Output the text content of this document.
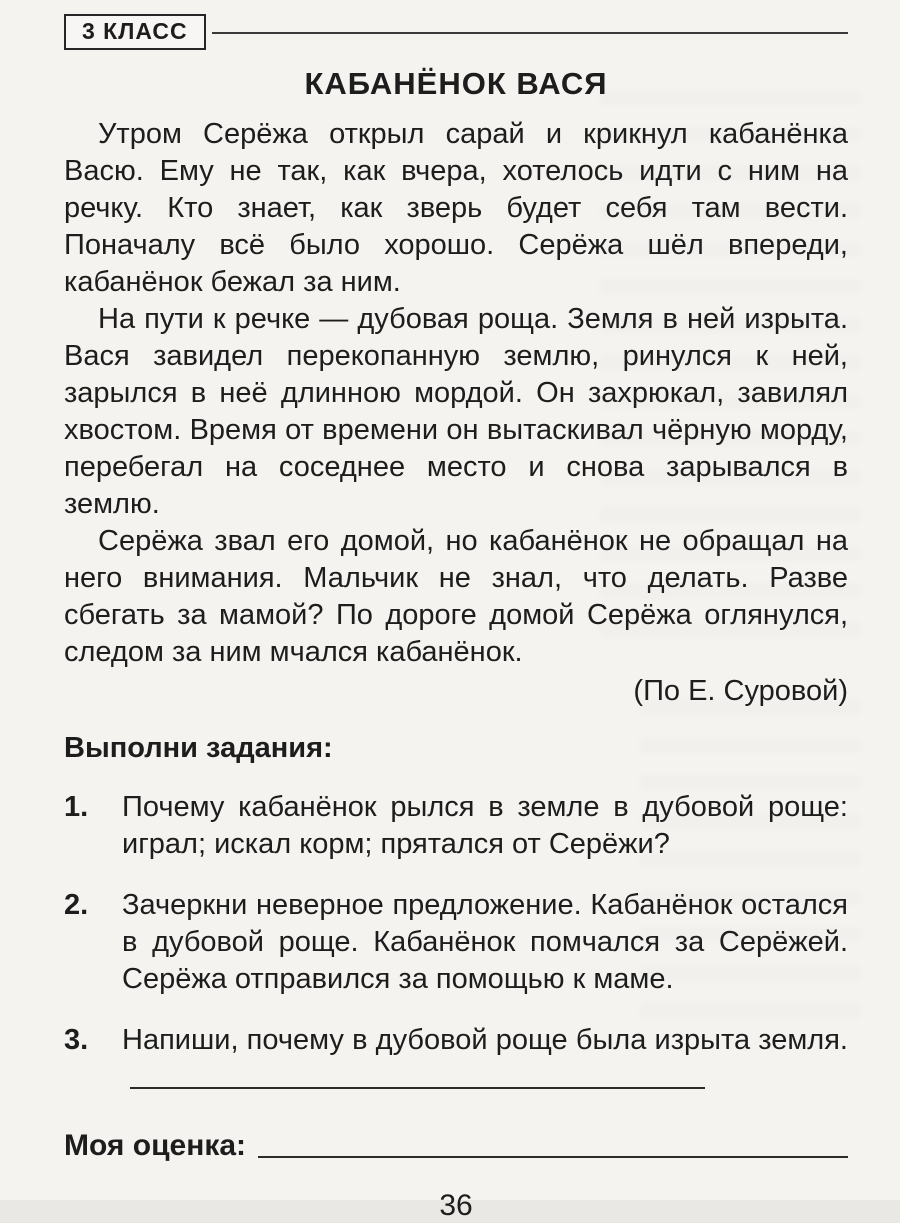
3 КЛАСС
КАБАНЁНОК ВАСЯ

Утром Серёжа открыл сарай и крикнул кабанёнка Васю. Ему не так, как вчера, хотелось идти с ним на речку. Кто знает, как зверь будет себя там вести. Поначалу всё было хорошо. Серёжа шёл впереди, кабанёнок бежал за ним.

На пути к речке — дубовая роща. Земля в ней изрыта. Вася завидел перекопанную землю, ринулся к ней, зарылся в неё длинною мордой. Он захрюкал, завилял хвостом. Время от времени он вытаскивал чёрную морду, перебегал на соседнее место и снова зарывался в землю.

Серёжа звал его домой, но кабанёнок не обращал на него внимания. Мальчик не знал, что делать. Разве сбегать за мамой? По дороге домой Серёжа оглянулся, следом за ним мчался кабанёнок.

(По Е. Суровой)
Выполни задания:
1.	Почему кабанёнок рылся в земле в дубовой роще: играл; искал корм; прятался от Серёжи?
2.	Зачеркни неверное предложение. Кабанёнок остался в дубовой роще. Кабанёнок помчался за Серёжей. Серёжа отправился за помощью к маме.
3.	Напиши, почему в дубовой роще была изрыта земля.
Моя оценка:
36
